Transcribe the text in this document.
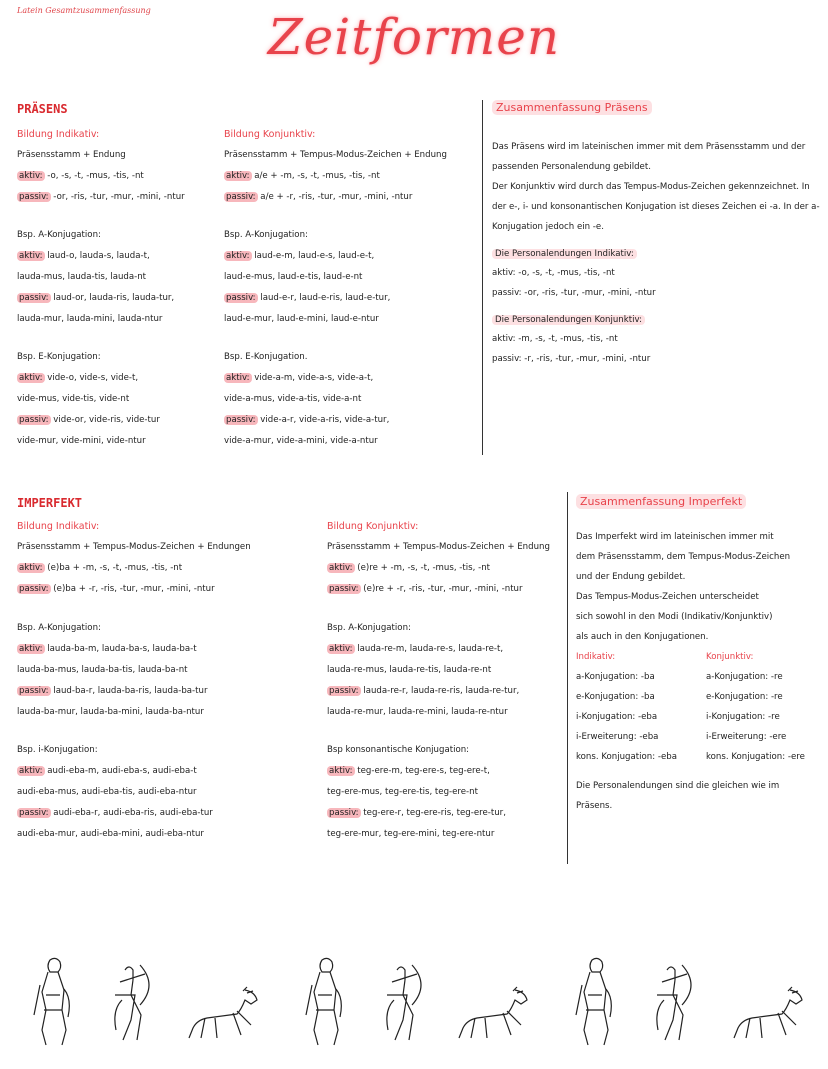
Latein Gesamtzusammenfassung	Zeitformen
PRÄSENS
Bildung Indikativ:
Präsensstamm + Endung
aktiv: -o, -s, -t, -mus, -tis, -nt
passiv: -or, -ris, -tur, -mur, -mini, -ntur
Bildung Konjunktiv:
Präsensstamm + Tempus-Modus-Zeichen + Endung
aktiv: a/e + -m, -s, -t, -mus, -tis, -nt
passiv: a/e + -r, -ris, -tur, -mur, -mini, -ntur
Bsp. A-Konjugation:
aktiv: laud-o, lauda-s, lauda-t,
lauda-mus, lauda-tis, lauda-nt
passiv: laud-or, lauda-ris, lauda-tur,
lauda-mur, lauda-mini, lauda-ntur
Bsp. A-Konjugation:
aktiv: laud-e-m, laud-e-s, laud-e-t,
laud-e-mus, laud-e-tis, laud-e-nt
passiv: laud-e-r, laud-e-ris, laud-e-tur,
laud-e-mur, laud-e-mini, laud-e-ntur
Bsp. E-Konjugation:
aktiv: vide-o, vide-s, vide-t,
vide-mus, vide-tis, vide-nt
passiv: vide-or, vide-ris, vide-tur
vide-mur, vide-mini, vide-ntur
Bsp. E-Konjugation.
aktiv: vide-a-m, vide-a-s, vide-a-t,
vide-a-mus, vide-a-tis, vide-a-nt
passiv: vide-a-r, vide-a-ris, vide-a-tur,
vide-a-mur, vide-a-mini, vide-a-ntur
Zusammenfassung Präsens
Das Präsens wird im lateinischen immer mit dem Präsensstamm und der passenden Personalendung gebildet.
Der Konjunktiv wird durch das Tempus-Modus-Zeichen gekennzeichnet. In der e-, i- und konsonantischen Konjugation ist dieses Zeichen ei -a. In der a-Konjugation jedoch ein -e.
Die Personalendungen Indikativ:
aktiv: -o, -s, -t, -mus, -tis, -nt
passiv: -or, -ris, -tur, -mur, -mini, -ntur
Die Personalendungen Konjunktiv:
aktiv: -m, -s, -t, -mus, -tis, -nt
passiv: -r, -ris, -tur, -mur, -mini, -ntur
IMPERFEKT
Bildung Indikativ:
Präsensstamm + Tempus-Modus-Zeichen + Endungen
aktiv: (e)ba + -m, -s, -t, -mus, -tis, -nt
passiv: (e)ba + -r, -ris, -tur, -mur, -mini, -ntur
Bildung Konjunktiv:
Präsensstamm + Tempus-Modus-Zeichen + Endung
aktiv: (e)re + -m, -s, -t, -mus, -tis, -nt
passiv: (e)re + -r, -ris, -tur, -mur, -mini, -ntur
Bsp. A-Konjugation:
aktiv: lauda-ba-m, lauda-ba-s, lauda-ba-t
lauda-ba-mus, lauda-ba-tis, lauda-ba-nt
passiv: laud-ba-r, lauda-ba-ris, lauda-ba-tur
lauda-ba-mur, lauda-ba-mini, lauda-ba-ntur
Bsp. A-Konjugation:
aktiv: lauda-re-m, lauda-re-s, lauda-re-t,
lauda-re-mus, lauda-re-tis, lauda-re-nt
passiv: lauda-re-r, lauda-re-ris, lauda-re-tur,
lauda-re-mur, lauda-re-mini, lauda-re-ntur
Bsp. i-Konjugation:
aktiv: audi-eba-m, audi-eba-s, audi-eba-t
audi-eba-mus, audi-eba-tis, audi-eba-ntur
passiv: audi-eba-r, audi-eba-ris, audi-eba-tur
audi-eba-mur, audi-eba-mini, audi-eba-ntur
Bsp konsonantische Konjugation:
aktiv: teg-ere-m, teg-ere-s, teg-ere-t,
teg-ere-mus, teg-ere-tis, teg-ere-nt
passiv: teg-ere-r, teg-ere-ris, teg-ere-tur,
teg-ere-mur, teg-ere-mini, teg-ere-ntur
Zusammenfassung Imperfekt
Das Imperfekt wird im lateinischen immer mit
dem Präsensstamm, dem Tempus-Modus-Zeichen
und der Endung gebildet.
Das Tempus-Modus-Zeichen unterscheidet
sich sowohl in den Modi (Indikativ/Konjunktiv)
als auch in den Konjugationen.
Indikativ:
a-Konjugation: -ba
e-Konjugation: -ba
i-Konjugation: -eba
i-Erweiterung: -eba
kons. Konjugation: -eba
Konjunktiv:
a-Konjugation: -re
e-Konjugation: -re
i-Konjugation: -re
i-Erweiterung: -ere
kons. Konjugation: -ere
Die Personalendungen sind die gleichen wie im
Präsens.
